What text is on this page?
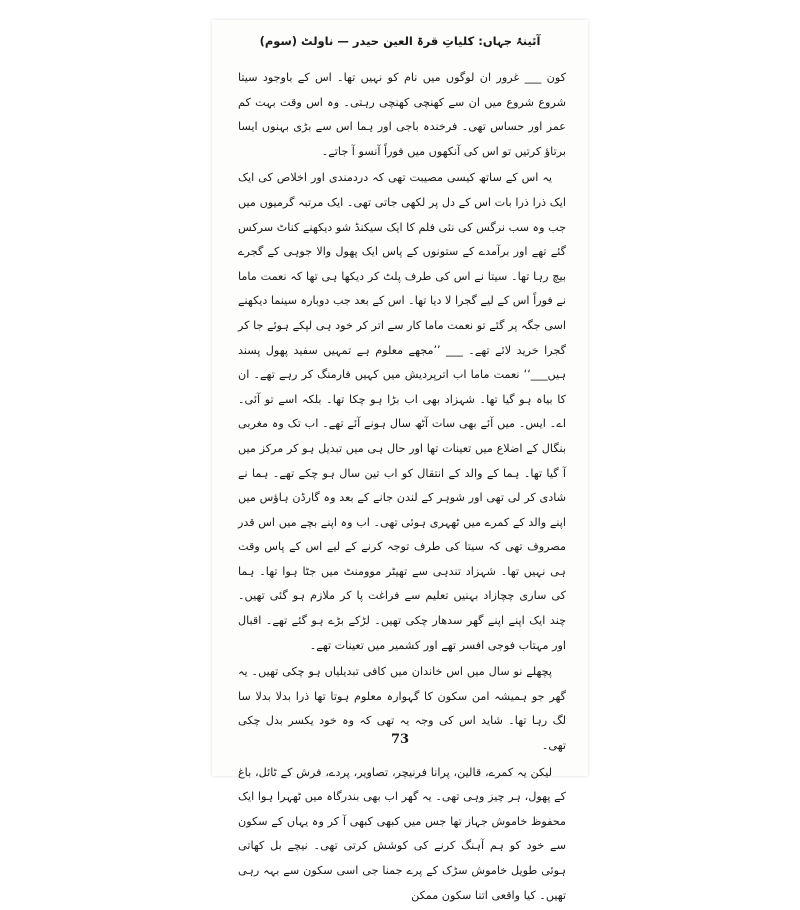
آئینۂ جہاں: کلیاتِ قرۃ العین حیدر — ناولٹ (سوم)

کون ___ غرور ان لوگوں میں نام کو نہیں تھا۔ اس کے باوجود سیتا شروع شروع میں ان سے کھنچی کھنچی رہتی۔ وہ اس وقت بہت کم عمر اور حساس تھی۔ فرخندہ باجی اور ہما اس سے بڑی بہنوں ایسا برتاؤ کرتیں تو اس کی آنکھوں میں فوراً آنسو آ جاتے۔

یہ اس کے ساتھ کیسی مصیبت تھی کہ دردمندی اور اخلاص کی ایک ایک ذرا ذرا بات اس کے دل پر لکھی جاتی تھی۔ ایک مرتبہ گرمیوں میں جب وہ سب نرگس کی نئی فلم کا ایک سیکنڈ شو دیکھنے کناٹ سرکس گئے تھے اور برآمدے کے ستونوں کے پاس ایک پھول والا جوہی کے گجرے بیچ رہا تھا۔ سیتا نے اس کی طرف پلٹ کر دیکھا ہی تھا کہ نعمت ماما نے فوراً اس کے لیے گجرا لا دیا تھا۔ اس کے بعد جب دوبارہ سینما دیکھنے اسی جگہ پر گئے تو نعمت ماما کار سے اتر کر خود ہی لپکے ہوئے جا کر گجرا خرید لائے تھے۔ ___ ’’مجھے معلوم ہے تمہیں سفید پھول پسند ہیں___‘‘ نعمت ماما اب اترپردیش میں کہیں فارمنگ کر رہے تھے۔ ان کا بیاہ ہو گیا تھا۔ شہزاد بھی اب بڑا ہو چکا تھا۔ بلکہ اسے تو آئی۔ اے۔ ایس۔ میں آئے بھی سات آٹھ سال ہونے آئے تھے۔ اب تک وہ مغربی بنگال کے اضلاع میں تعینات تھا اور حال ہی میں تبدیل ہو کر مرکز میں آ گیا تھا۔ ہما کے والد کے انتقال کو اب تین سال ہو چکے تھے۔ ہما نے شادی کر لی تھی اور شوہر کے لندن جانے کے بعد وہ گارڈن ہاؤس میں اپنے والد کے کمرے میں ٹھہری ہوئی تھی۔ اب وہ اپنے بچے میں اس قدر مصروف تھی کہ سیتا کی طرف توجہ کرنے کے لیے اس کے پاس وقت ہی نہیں تھا۔ شہزاد تندہی سے تھیٹر موومنٹ میں جٹا ہوا تھا۔ ہما کی ساری چچازاد بہنیں تعلیم سے فراغت پا کر ملازم ہو گئی تھیں۔ چند ایک اپنے اپنے گھر سدھار چکی تھیں۔ لڑکے بڑے ہو گئے تھے۔ اقبال اور مہتاب فوجی افسر تھے اور کشمیر میں تعینات تھے۔

پچھلے نو سال میں اس خاندان میں کافی تبدیلیاں ہو چکی تھیں۔ یہ گھر جو ہمیشہ امن سکون کا گہوارہ معلوم ہوتا تھا ذرا بدلا بدلا سا لگ رہا تھا۔ شاید اس کی وجہ یہ تھی کہ وہ خود یکسر بدل چکی تھی۔

لیکن یہ کمرے، قالین، پرانا فرنیچر، تصاویر، پردے، فرش کے ٹائل، باغ کے پھول، ہر چیز وہی تھی۔ یہ گھر اب بھی بندرگاہ میں ٹھہرا ہوا ایک محفوظ خاموش جہاز تھا جس میں کبھی کبھی آ کر وہ یہاں کے سکون سے خود کو ہم آہنگ کرنے کی کوشش کرتی تھی۔ نیچے بل کھاتی ہوئی طویل خاموش سڑک کے پرے جمنا جی اسی سکون سے بہہ رہی تھیں۔ کیا واقعی اتنا سکون ممکن

73
